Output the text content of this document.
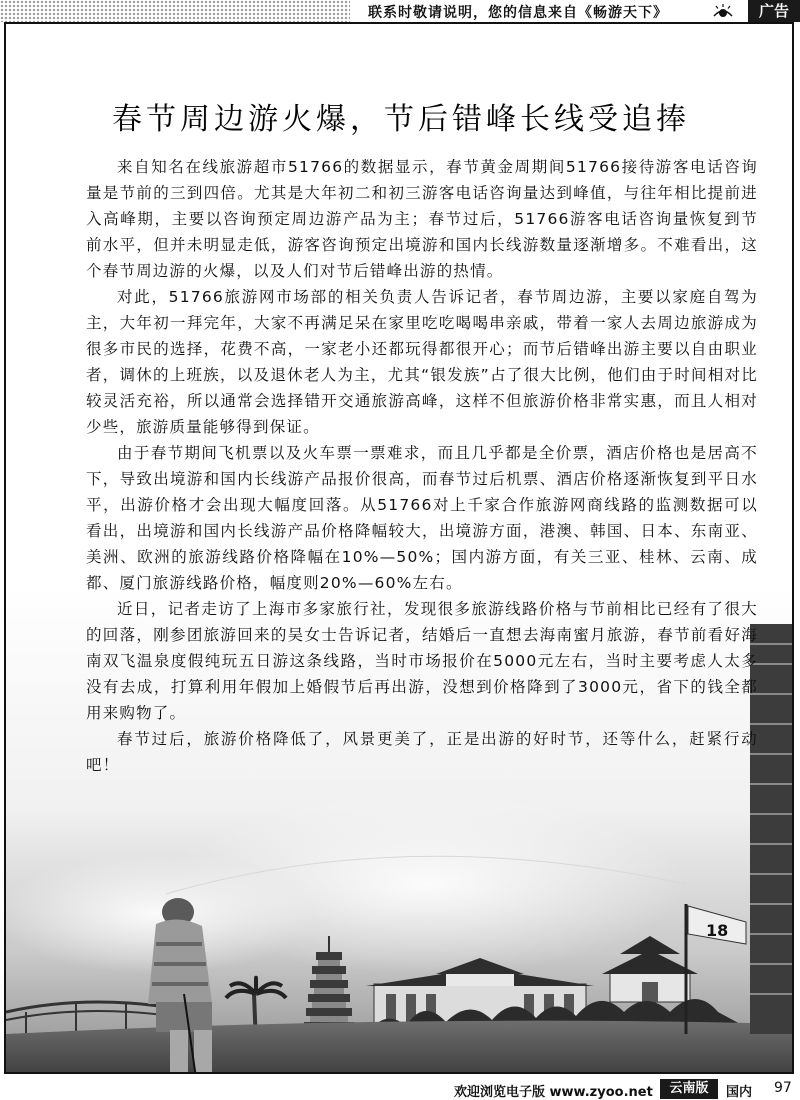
联系时敬请说明，您的信息来自《畅游天下》	广告
18
春节周边游火爆，节后错峰长线受追捧

来自知名在线旅游超市51766的数据显示，春节黄金周期间51766接待游客电话咨询量是节前的三到四倍。尤其是大年初二和初三游客电话咨询量达到峰值，与往年相比提前进入高峰期，主要以咨询预定周边游产品为主；春节过后，51766游客电话咨询量恢复到节前水平，但并未明显走低，游客咨询预定出境游和国内长线游数量逐渐增多。不难看出，这个春节周边游的火爆，以及人们对节后错峰出游的热情。

对此，51766旅游网市场部的相关负责人告诉记者，春节周边游，主要以家庭自驾为主，大年初一拜完年，大家不再满足呆在家里吃吃喝喝串亲戚，带着一家人去周边旅游成为很多市民的选择，花费不高，一家老小还都玩得都很开心；而节后错峰出游主要以自由职业者，调休的上班族，以及退休老人为主，尤其“银发族”占了很大比例，他们由于时间相对比较灵活充裕，所以通常会选择错开交通旅游高峰，这样不但旅游价格非常实惠，而且人相对少些，旅游质量能够得到保证。

由于春节期间飞机票以及火车票一票难求，而且几乎都是全价票，酒店价格也是居高不下，导致出境游和国内长线游产品报价很高，而春节过后机票、酒店价格逐渐恢复到平日水平，出游价格才会出现大幅度回落。从51766对上千家合作旅游网商线路的监测数据可以看出，出境游和国内长线游产品价格降幅较大，出境游方面，港澳、韩国、日本、东南亚、美洲、欧洲的旅游线路价格降幅在10%—50%；国内游方面，有关三亚、桂林、云南、成都、厦门旅游线路价格，幅度则20%—60%左右。

近日，记者走访了上海市多家旅行社，发现很多旅游线路价格与节前相比已经有了很大的回落，刚参团旅游回来的吴女士告诉记者，结婚后一直想去海南蜜月旅游，春节前看好海南双飞温泉度假纯玩五日游这条线路，当时市场报价在5000元左右，当时主要考虑人太多没有去成，打算利用年假加上婚假节后再出游，没想到价格降到了3000元，省下的钱全都用来购物了。

春节过后，旅游价格降低了，风景更美了，正是出游的好时节，还等什么，赶紧行动吧！

欢迎浏览电子版 www.zyoo.net	云南版	国内 97
